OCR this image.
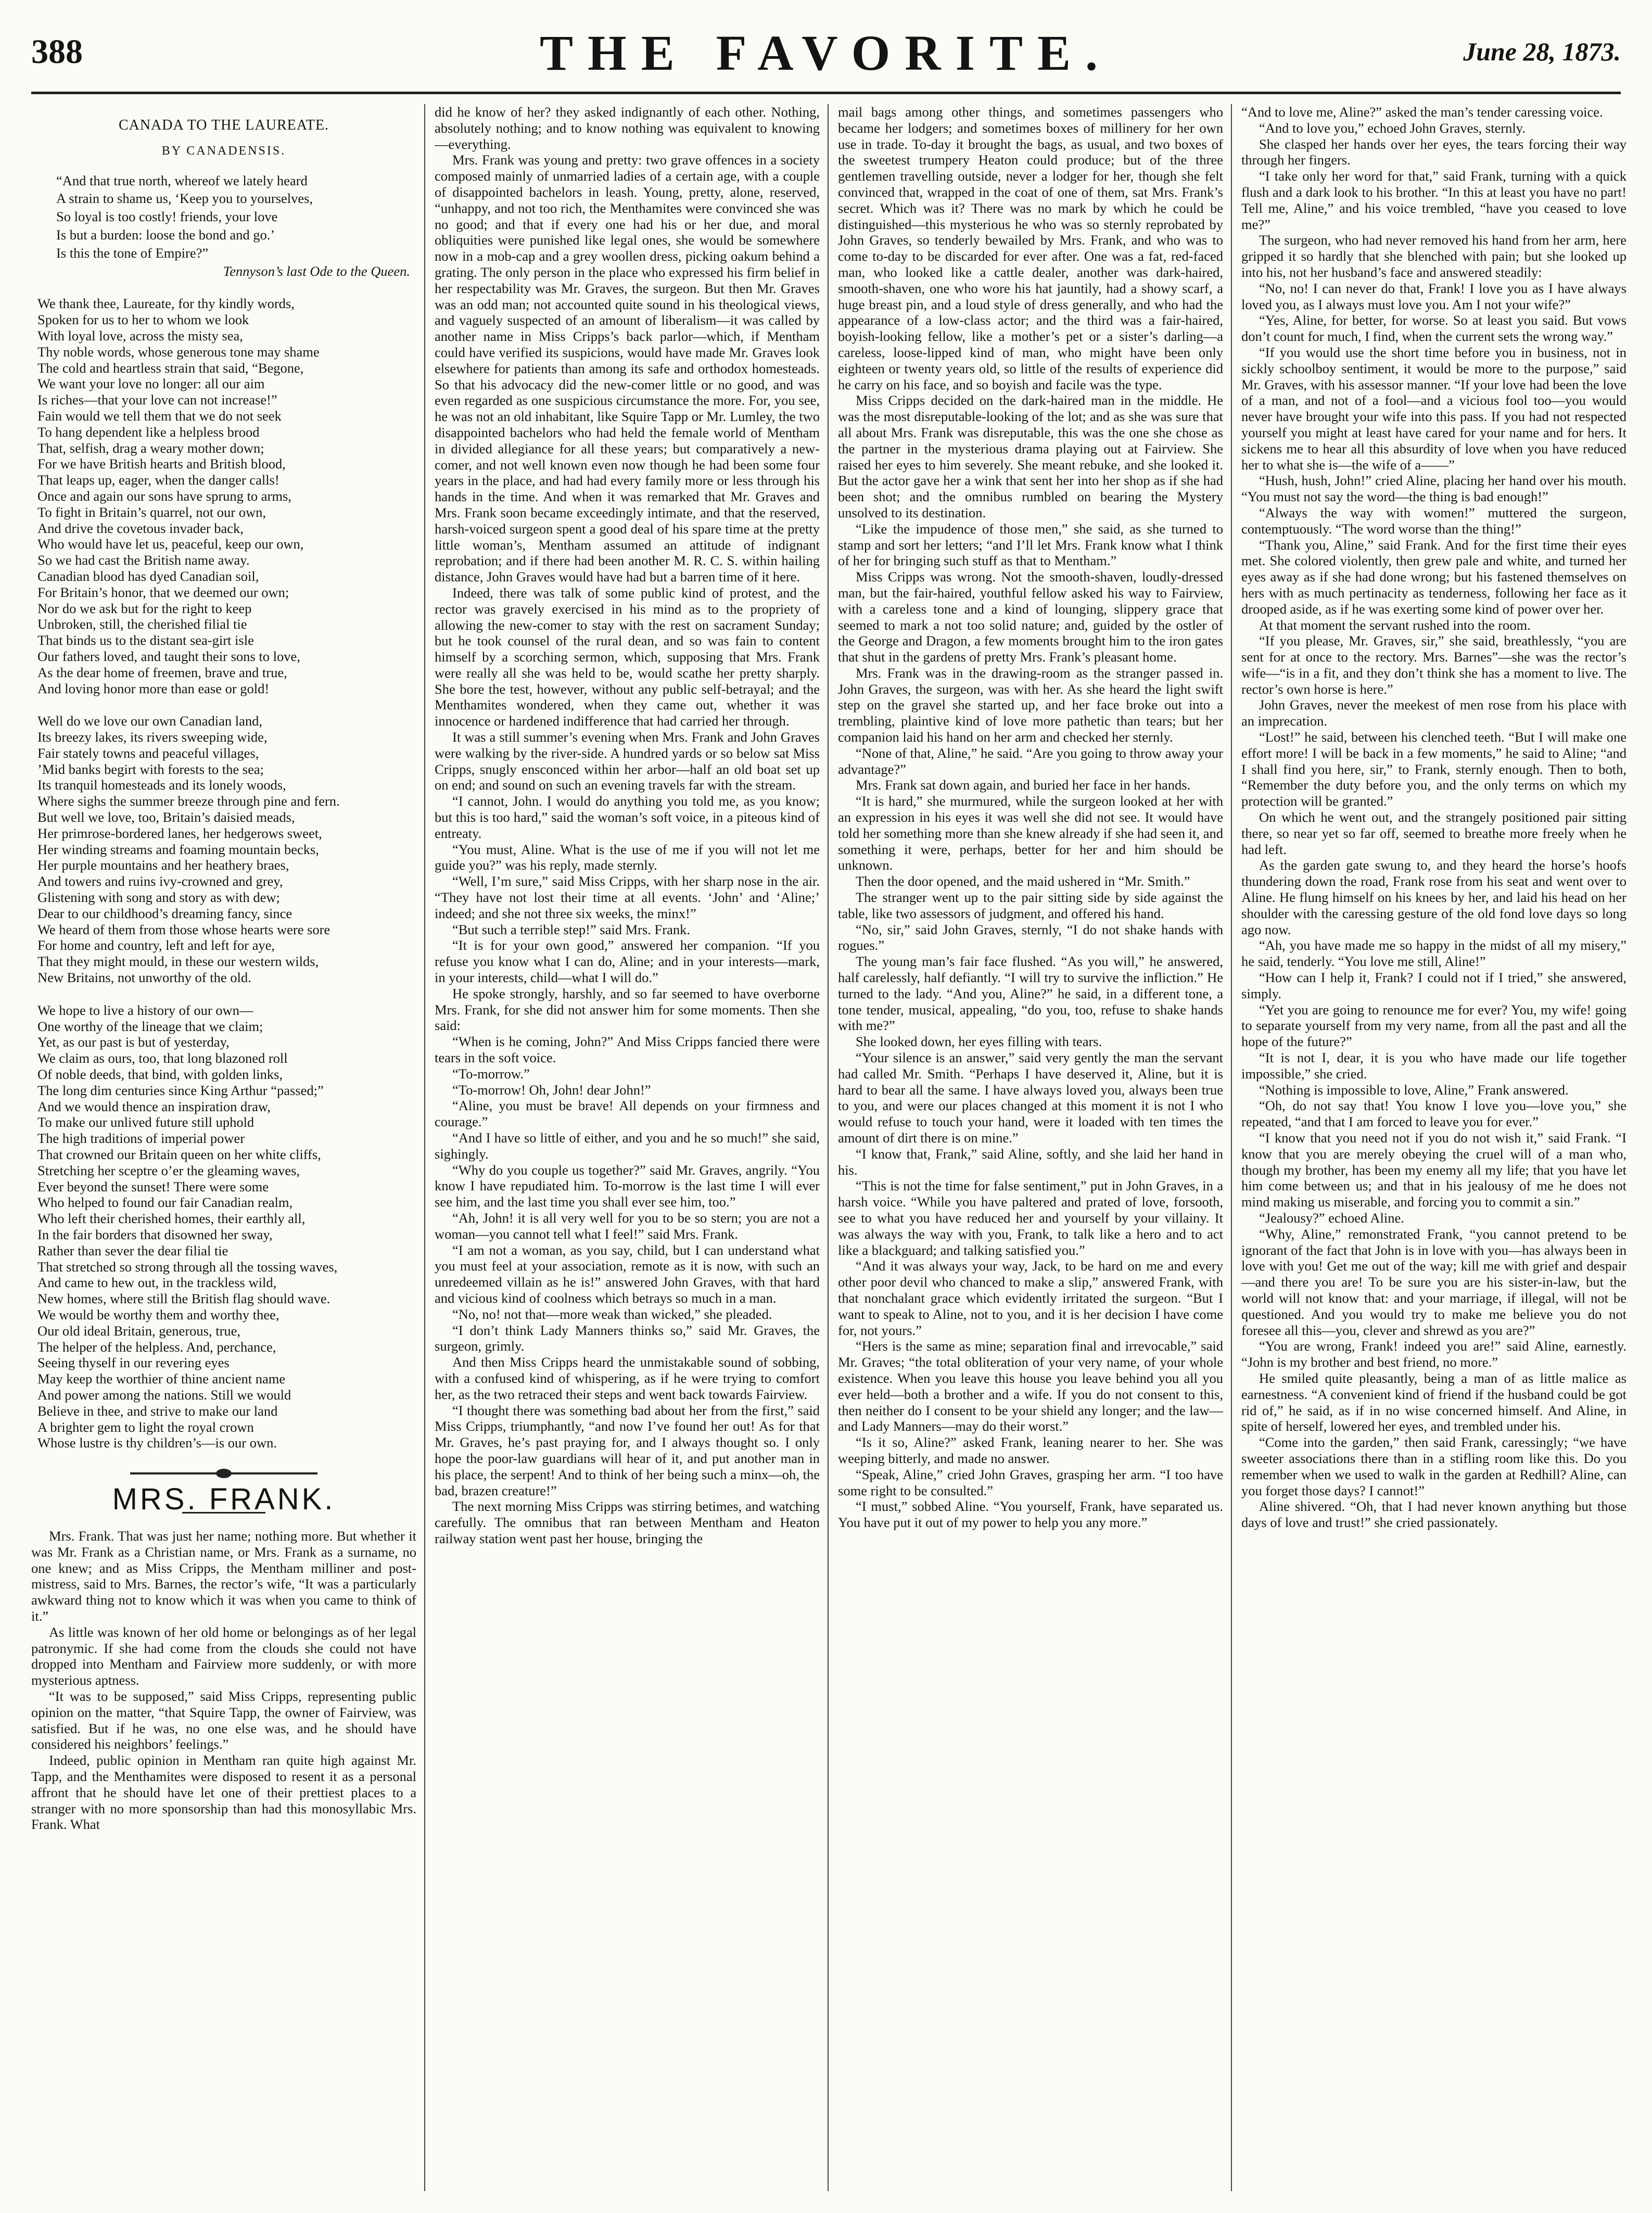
388	THE FAVORITE.	June 28, 1873.
CANADA TO THE LAUREATE.
BY CANADENSIS.
“And that true north, whereof we lately heard
A strain to shame us, ‘Keep you to yourselves,
So loyal is too costly! friends, your love
Is but a burden: loose the bond and go.’
Is this the tone of Empire?”
Tennyson’s last Ode to the Queen.
We thank thee, Laureate, for thy kindly words,
Spoken for us to her to whom we look
With loyal love, across the misty sea,
Thy noble words, whose generous tone may shame
The cold and heartless strain that said, “Begone,
We want your love no longer: all our aim
Is riches—that your love can not increase!”
Fain would we tell them that we do not seek
To hang dependent like a helpless brood
That, selfish, drag a weary mother down;
For we have British hearts and British blood,
That leaps up, eager, when the danger calls!
Once and again our sons have sprung to arms,
To fight in Britain’s quarrel, not our own,
And drive the covetous invader back,
Who would have let us, peaceful, keep our own,
So we had cast the British name away.
Canadian blood has dyed Canadian soil,
For Britain’s honor, that we deemed our own;
Nor do we ask but for the right to keep
Unbroken, still, the cherished filial tie
That binds us to the distant sea-girt isle
Our fathers loved, and taught their sons to love,
As the dear home of freemen, brave and true,
And loving honor more than ease or gold!
Well do we love our own Canadian land,
Its breezy lakes, its rivers sweeping wide,
Fair stately towns and peaceful villages,
’Mid banks begirt with forests to the sea;
Its tranquil homesteads and its lonely woods,
Where sighs the summer breeze through pine and fern.
But well we love, too, Britain’s daisied meads,
Her primrose-bordered lanes, her hedgerows sweet,
Her winding streams and foaming mountain becks,
Her purple mountains and her heathery braes,
And towers and ruins ivy-crowned and grey,
Glistening with song and story as with dew;
Dear to our childhood’s dreaming fancy, since
We heard of them from those whose hearts were sore
For home and country, left and left for aye,
That they might mould, in these our western wilds,
New Britains, not unworthy of the old.
We hope to live a history of our own—
One worthy of the lineage that we claim;
Yet, as our past is but of yesterday,
We claim as ours, too, that long blazoned roll
Of noble deeds, that bind, with golden links,
The long dim centuries since King Arthur “passed;”
And we would thence an inspiration draw,
To make our unlived future still uphold
The high traditions of imperial power
That crowned our Britain queen on her white cliffs,
Stretching her sceptre o’er the gleaming waves,
Ever beyond the sunset! There were some
Who helped to found our fair Canadian realm,
Who left their cherished homes, their earthly all,
In the fair borders that disowned her sway,
Rather than sever the dear filial tie
That stretched so strong through all the tossing waves,
And came to hew out, in the trackless wild,
New homes, where still the British flag should wave.
We would be worthy them and worthy thee,
Our old ideal Britain, generous, true,
The helper of the helpless. And, perchance,
Seeing thyself in our revering eyes
May keep the worthier of thine ancient name
And power among the nations. Still we would
Believe in thee, and strive to make our land
A brighter gem to light the royal crown
Whose lustre is thy children’s—is our own.
MRS. FRANK.

Mrs. Frank. That was just her name; nothing more. But whether it was Mr. Frank as a Christian name, or Mrs. Frank as a surname, no one knew; and as Miss Cripps, the Mentham milliner and post-mistress, said to Mrs. Barnes, the rector’s wife, “It was a particularly awkward thing not to know which it was when you came to think of it.”

As little was known of her old home or belongings as of her legal patronymic. If she had come from the clouds she could not have dropped into Mentham and Fairview more suddenly, or with more mysterious aptness.

“It was to be supposed,” said Miss Cripps, representing public opinion on the matter, “that Squire Tapp, the owner of Fairview, was satisfied. But if he was, no one else was, and he should have considered his neighbors’ feelings.”

Indeed, public opinion in Mentham ran quite high against Mr. Tapp, and the Menthamites were disposed to resent it as a personal affront that he should have let one of their prettiest places to a stranger with no more sponsorship than had this monosyllabic Mrs. Frank. What

did he know of her? they asked indignantly of each other. Nothing, absolutely nothing; and to know nothing was equivalent to knowing—everything.

Mrs. Frank was young and pretty: two grave offences in a society composed mainly of unmarried ladies of a certain age, with a couple of disappointed bachelors in leash. Young, pretty, alone, reserved, “unhappy, and not too rich, the Menthamites were convinced she was no good; and that if every one had his or her due, and moral obliquities were punished like legal ones, she would be somewhere now in a mob-cap and a grey woollen dress, picking oakum behind a grating. The only person in the place who expressed his firm belief in her respectability was Mr. Graves, the surgeon. But then Mr. Graves was an odd man; not accounted quite sound in his theological views, and vaguely suspected of an amount of liberalism—it was called by another name in Miss Cripps’s back parlor—which, if Mentham could have verified its suspicions, would have made Mr. Graves look elsewhere for patients than among its safe and orthodox homesteads. So that his advocacy did the new-comer little or no good, and was even regarded as one suspicious circumstance the more. For, you see, he was not an old inhabitant, like Squire Tapp or Mr. Lumley, the two disappointed bachelors who had held the female world of Mentham in divided allegiance for all these years; but comparatively a new-comer, and not well known even now though he had been some four years in the place, and had had every family more or less through his hands in the time. And when it was remarked that Mr. Graves and Mrs. Frank soon became exceedingly intimate, and that the reserved, harsh-voiced surgeon spent a good deal of his spare time at the pretty little woman’s, Mentham assumed an attitude of indignant reprobation; and if there had been another M. R. C. S. within hailing distance, John Graves would have had but a barren time of it here.

Indeed, there was talk of some public kind of protest, and the rector was gravely exercised in his mind as to the propriety of allowing the new-comer to stay with the rest on sacrament Sunday; but he took counsel of the rural dean, and so was fain to content himself by a scorching sermon, which, supposing that Mrs. Frank were really all she was held to be, would scathe her pretty sharply. She bore the test, however, without any public self-betrayal; and the Menthamites wondered, when they came out, whether it was innocence or hardened indifference that had carried her through.

It was a still summer’s evening when Mrs. Frank and John Graves were walking by the river-side. A hundred yards or so below sat Miss Cripps, snugly ensconced within her arbor—half an old boat set up on end; and sound on such an evening travels far with the stream.

“I cannot, John. I would do anything you told me, as you know; but this is too hard,” said the woman’s soft voice, in a piteous kind of entreaty.

“You must, Aline. What is the use of me if you will not let me guide you?” was his reply, made sternly.

“Well, I’m sure,” said Miss Cripps, with her sharp nose in the air. “They have not lost their time at all events. ‘John’ and ‘Aline;’ indeed; and she not three six weeks, the minx!”

“But such a terrible step!” said Mrs. Frank.

“It is for your own good,” answered her companion. “If you refuse you know what I can do, Aline; and in your interests—mark, in your interests, child—what I will do.”

He spoke strongly, harshly, and so far seemed to have overborne Mrs. Frank, for she did not answer him for some moments. Then she said:

“When is he coming, John?” And Miss Cripps fancied there were tears in the soft voice.

“To-morrow.”

“To-morrow! Oh, John! dear John!”

“Aline, you must be brave! All depends on your firmness and courage.”

“And I have so little of either, and you and he so much!” she said, sighingly.

“Why do you couple us together?” said Mr. Graves, angrily. “You know I have repudiated him. To-morrow is the last time I will ever see him, and the last time you shall ever see him, too.”

“Ah, John! it is all very well for you to be so stern; you are not a woman—you cannot tell what I feel!” said Mrs. Frank.

“I am not a woman, as you say, child, but I can understand what you must feel at your association, remote as it is now, with such an unredeemed villain as he is!” answered John Graves, with that hard and vicious kind of coolness which betrays so much in a man.

“No, no! not that—more weak than wicked,” she pleaded.

“I don’t think Lady Manners thinks so,” said Mr. Graves, the surgeon, grimly.

And then Miss Cripps heard the unmistakable sound of sobbing, with a confused kind of whispering, as if he were trying to comfort her, as the two retraced their steps and went back towards Fairview.

“I thought there was something bad about her from the first,” said Miss Cripps, triumphantly, “and now I’ve found her out! As for that Mr. Graves, he’s past praying for, and I always thought so. I only hope the poor-law guardians will hear of it, and put another man in his place, the serpent! And to think of her being such a minx—oh, the bad, brazen creature!”

The next morning Miss Cripps was stirring betimes, and watching carefully. The omnibus that ran between Mentham and Heaton railway station went past her house, bringing the

mail bags among other things, and sometimes passengers who became her lodgers; and sometimes boxes of millinery for her own use in trade. To-day it brought the bags, as usual, and two boxes of the sweetest trumpery Heaton could produce; but of the three gentlemen travelling outside, never a lodger for her, though she felt convinced that, wrapped in the coat of one of them, sat Mrs. Frank’s secret. Which was it? There was no mark by which he could be distinguished—this mysterious he who was so sternly reprobated by John Graves, so tenderly bewailed by Mrs. Frank, and who was to come to-day to be discarded for ever after. One was a fat, red-faced man, who looked like a cattle dealer, another was dark-haired, smooth-shaven, one who wore his hat jauntily, had a showy scarf, a huge breast pin, and a loud style of dress generally, and who had the appearance of a low-class actor; and the third was a fair-haired, boyish-looking fellow, like a mother’s pet or a sister’s darling—a careless, loose-lipped kind of man, who might have been only eighteen or twenty years old, so little of the results of experience did he carry on his face, and so boyish and facile was the type.

Miss Cripps decided on the dark-haired man in the middle. He was the most disreputable-looking of the lot; and as she was sure that all about Mrs. Frank was disreputable, this was the one she chose as the partner in the mysterious drama playing out at Fairview. She raised her eyes to him severely. She meant rebuke, and she looked it. But the actor gave her a wink that sent her into her shop as if she had been shot; and the omnibus rumbled on bearing the Mystery unsolved to its destination.

“Like the impudence of those men,” she said, as she turned to stamp and sort her letters; “and I’ll let Mrs. Frank know what I think of her for bringing such stuff as that to Mentham.”

Miss Cripps was wrong. Not the smooth-shaven, loudly-dressed man, but the fair-haired, youthful fellow asked his way to Fairview, with a careless tone and a kind of lounging, slippery grace that seemed to mark a not too solid nature; and, guided by the ostler of the George and Dragon, a few moments brought him to the iron gates that shut in the gardens of pretty Mrs. Frank’s pleasant home.

Mrs. Frank was in the drawing-room as the stranger passed in. John Graves, the surgeon, was with her. As she heard the light swift step on the gravel she started up, and her face broke out into a trembling, plaintive kind of love more pathetic than tears; but her companion laid his hand on her arm and checked her sternly.

“None of that, Aline,” he said. “Are you going to throw away your advantage?”

Mrs. Frank sat down again, and buried her face in her hands.

“It is hard,” she murmured, while the surgeon looked at her with an expression in his eyes it was well she did not see. It would have told her something more than she knew already if she had seen it, and something it were, perhaps, better for her and him should be unknown.

Then the door opened, and the maid ushered in “Mr. Smith.”

The stranger went up to the pair sitting side by side against the table, like two assessors of judgment, and offered his hand.

“No, sir,” said John Graves, sternly, “I do not shake hands with rogues.”

The young man’s fair face flushed. “As you will,” he answered, half carelessly, half defiantly. “I will try to survive the infliction.” He turned to the lady. “And you, Aline?” he said, in a different tone, a tone tender, musical, appealing, “do you, too, refuse to shake hands with me?”

She looked down, her eyes filling with tears.

“Your silence is an answer,” said very gently the man the servant had called Mr. Smith. “Perhaps I have deserved it, Aline, but it is hard to bear all the same. I have always loved you, always been true to you, and were our places changed at this moment it is not I who would refuse to touch your hand, were it loaded with ten times the amount of dirt there is on mine.”

“I know that, Frank,” said Aline, softly, and she laid her hand in his.

“This is not the time for false sentiment,” put in John Graves, in a harsh voice. “While you have paltered and prated of love, forsooth, see to what you have reduced her and yourself by your villainy. It was always the way with you, Frank, to talk like a hero and to act like a blackguard; and talking satisfied you.”

“And it was always your way, Jack, to be hard on me and every other poor devil who chanced to make a slip,” answered Frank, with that nonchalant grace which evidently irritated the surgeon. “But I want to speak to Aline, not to you, and it is her decision I have come for, not yours.”

“Hers is the same as mine; separation final and irrevocable,” said Mr. Graves; “the total obliteration of your very name, of your whole existence. When you leave this house you leave behind you all you ever held—both a brother and a wife. If you do not consent to this, then neither do I consent to be your shield any longer; and the law—and Lady Manners—may do their worst.”

“Is it so, Aline?” asked Frank, leaning nearer to her. She was weeping bitterly, and made no answer.

“Speak, Aline,” cried John Graves, grasping her arm. “I too have some right to be consulted.”

“I must,” sobbed Aline. “You yourself, Frank, have separated us. You have put it out of my power to help you any more.”

“And to love me, Aline?” asked the man’s tender caressing voice.

“And to love you,” echoed John Graves, sternly.

She clasped her hands over her eyes, the tears forcing their way through her fingers.

“I take only her word for that,” said Frank, turning with a quick flush and a dark look to his brother. “In this at least you have no part! Tell me, Aline,” and his voice trembled, “have you ceased to love me?”

The surgeon, who had never removed his hand from her arm, here gripped it so hardly that she blenched with pain; but she looked up into his, not her husband’s face and answered steadily:

“No, no! I can never do that, Frank! I love you as I have always loved you, as I always must love you. Am I not your wife?”

“Yes, Aline, for better, for worse. So at least you said. But vows don’t count for much, I find, when the current sets the wrong way.”

“If you would use the short time before you in business, not in sickly schoolboy sentiment, it would be more to the purpose,” said Mr. Graves, with his assessor manner. “If your love had been the love of a man, and not of a fool—and a vicious fool too—you would never have brought your wife into this pass. If you had not respected yourself you might at least have cared for your name and for hers. It sickens me to hear all this absurdity of love when you have reduced her to what she is—the wife of a——”

“Hush, hush, John!” cried Aline, placing her hand over his mouth. “You must not say the word—the thing is bad enough!”

“Always the way with women!” muttered the surgeon, contemptuously. “The word worse than the thing!”

“Thank you, Aline,” said Frank. And for the first time their eyes met. She colored violently, then grew pale and white, and turned her eyes away as if she had done wrong; but his fastened themselves on hers with as much pertinacity as tenderness, following her face as it drooped aside, as if he was exerting some kind of power over her.

At that moment the servant rushed into the room.

“If you please, Mr. Graves, sir,” she said, breathlessly, “you are sent for at once to the rectory. Mrs. Barnes”—she was the rector’s wife—“is in a fit, and they don’t think she has a moment to live. The rector’s own horse is here.”

John Graves, never the meekest of men rose from his place with an imprecation.

“Lost!” he said, between his clenched teeth. “But I will make one effort more! I will be back in a few moments,” he said to Aline; “and I shall find you here, sir,” to Frank, sternly enough. Then to both, “Remember the duty before you, and the only terms on which my protection will be granted.”

On which he went out, and the strangely positioned pair sitting there, so near yet so far off, seemed to breathe more freely when he had left.

As the garden gate swung to, and they heard the horse’s hoofs thundering down the road, Frank rose from his seat and went over to Aline. He flung himself on his knees by her, and laid his head on her shoulder with the caressing gesture of the old fond love days so long ago now.

“Ah, you have made me so happy in the midst of all my misery,” he said, tenderly. “You love me still, Aline!”

“How can I help it, Frank? I could not if I tried,” she answered, simply.

“Yet you are going to renounce me for ever? You, my wife! going to separate yourself from my very name, from all the past and all the hope of the future?”

“It is not I, dear, it is you who have made our life together impossible,” she cried.

“Nothing is impossible to love, Aline,” Frank answered.

“Oh, do not say that! You know I love you—love you,” she repeated, “and that I am forced to leave you for ever.”

“I know that you need not if you do not wish it,” said Frank. “I know that you are merely obeying the cruel will of a man who, though my brother, has been my enemy all my life; that you have let him come between us; and that in his jealousy of me he does not mind making us miserable, and forcing you to commit a sin.”

“Jealousy?” echoed Aline.

“Why, Aline,” remonstrated Frank, “you cannot pretend to be ignorant of the fact that John is in love with you—has always been in love with you! Get me out of the way; kill me with grief and despair—and there you are! To be sure you are his sister-in-law, but the world will not know that: and your marriage, if illegal, will not be questioned. And you would try to make me believe you do not foresee all this—you, clever and shrewd as you are?”

“You are wrong, Frank! indeed you are!” said Aline, earnestly. “John is my brother and best friend, no more.”

He smiled quite pleasantly, being a man of as little malice as earnestness. “A convenient kind of friend if the husband could be got rid of,” he said, as if in no wise concerned himself. And Aline, in spite of herself, lowered her eyes, and trembled under his.

“Come into the garden,” then said Frank, caressingly; “we have sweeter associations there than in a stifling room like this. Do you remember when we used to walk in the garden at Redhill? Aline, can you forget those days? I cannot!”

Aline shivered. “Oh, that I had never known anything but those days of love and trust!” she cried passionately.
